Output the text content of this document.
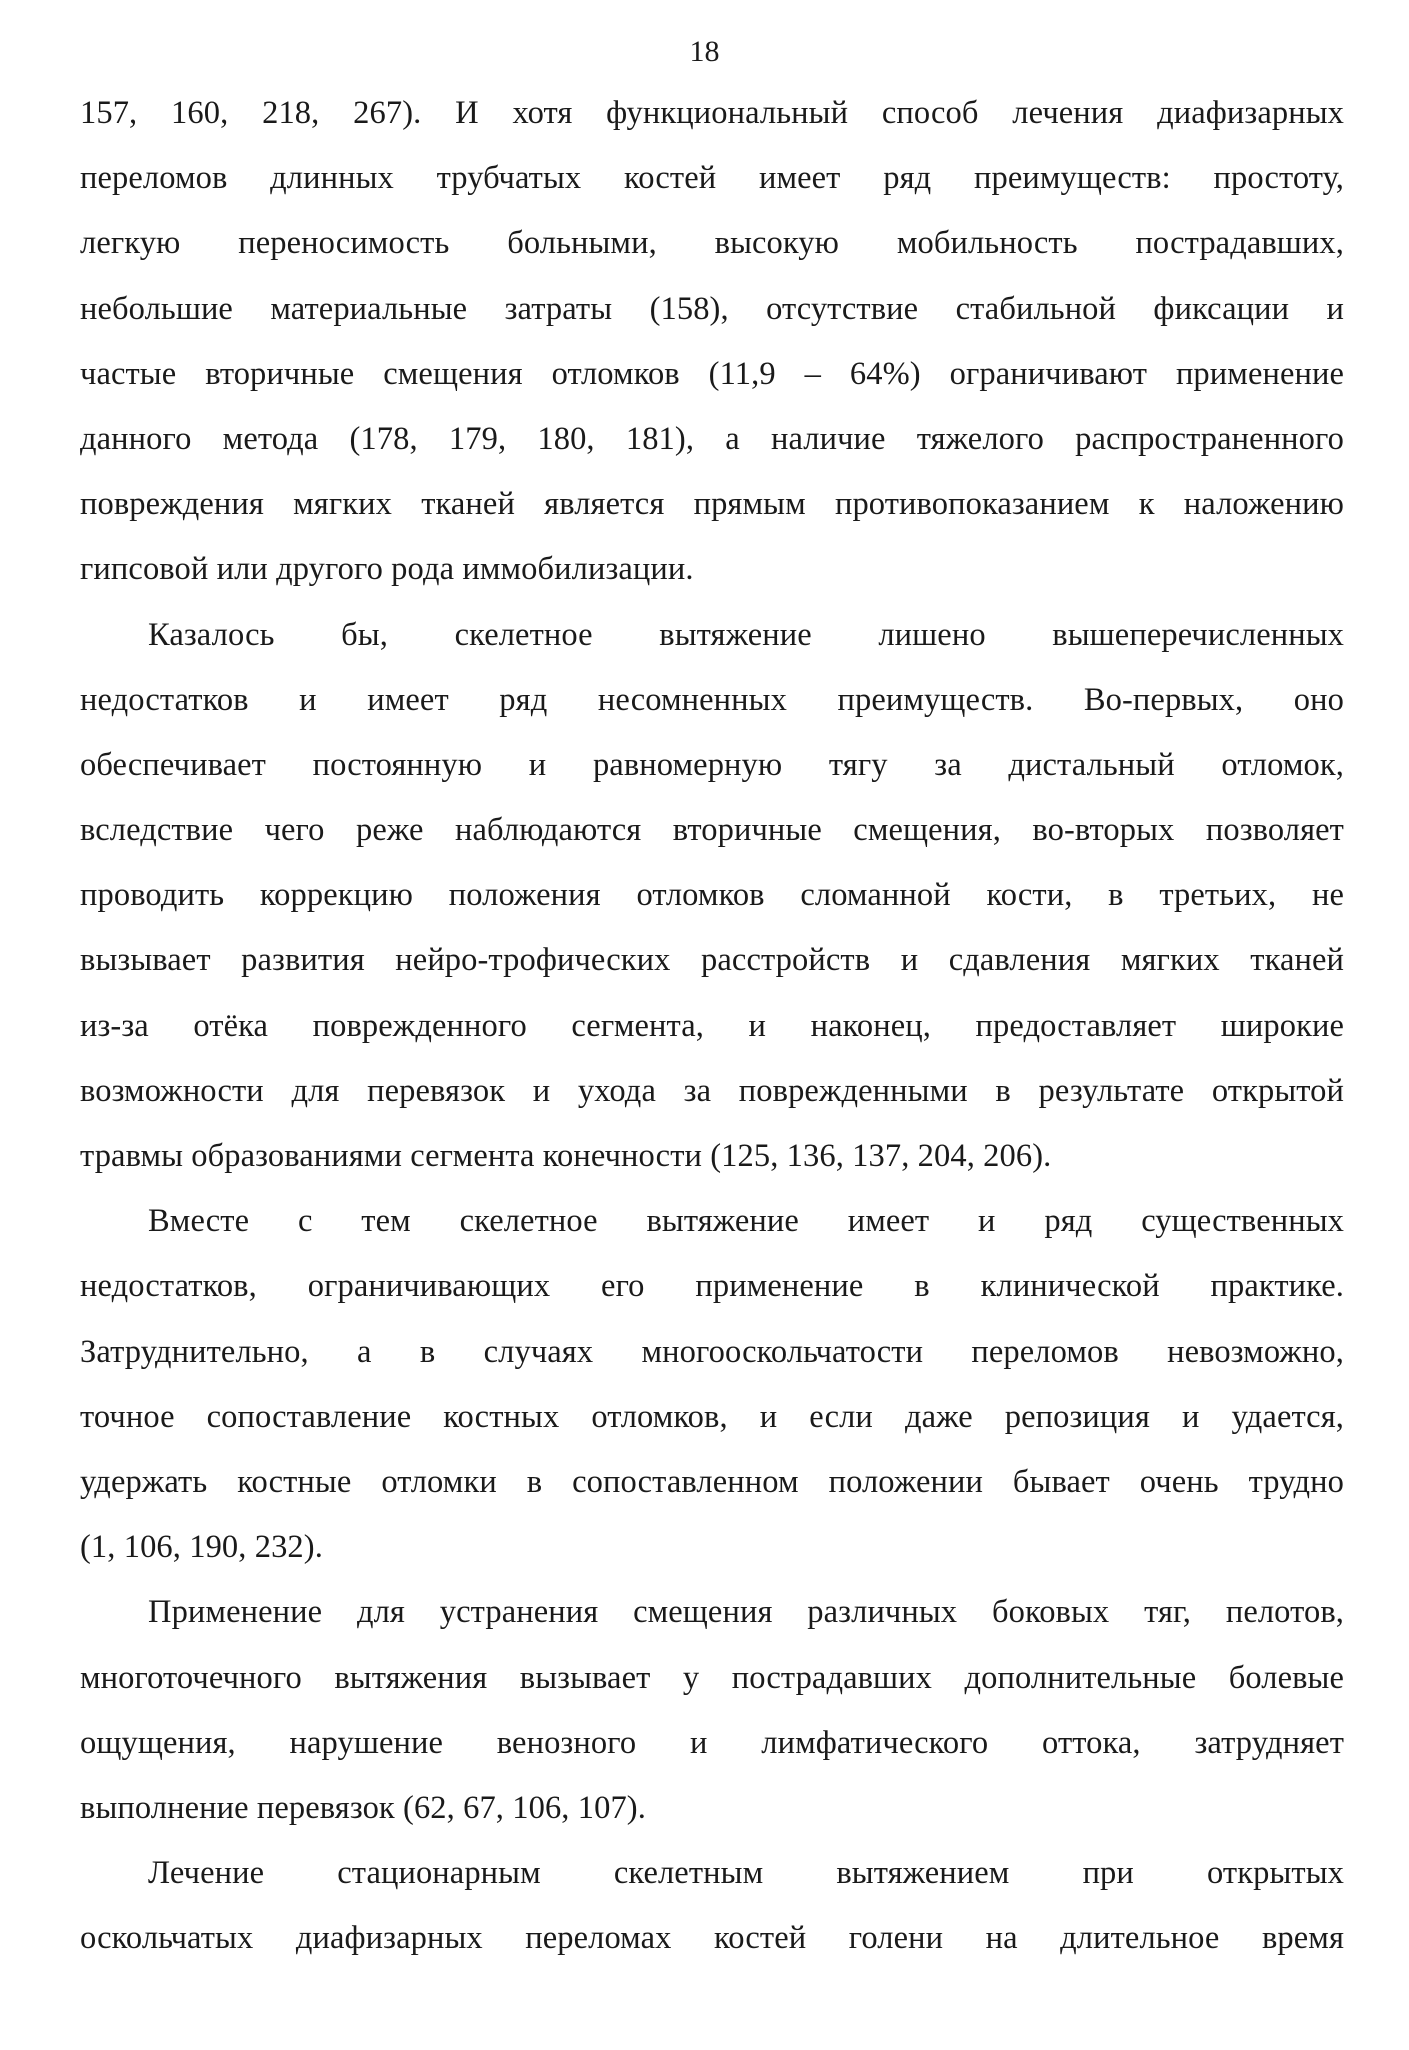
18
157, 160, 218, 267). И хотя функциональный способ лечения диафизарных
переломов длинных трубчатых костей имеет ряд преимуществ: простоту,
легкую переносимость больными, высокую мобильность пострадавших,
небольшие материальные затраты (158), отсутствие стабильной фиксации и
частые вторичные смещения отломков (11,9 – 64%) ограничивают применение
данного метода (178, 179, 180, 181), а наличие тяжелого распространенного
повреждения мягких тканей является прямым противопоказанием к наложению
гипсовой или другого рода иммобилизации.
Казалось бы, скелетное вытяжение лишено вышеперечисленных
недостатков и имеет ряд несомненных преимуществ. Во-первых, оно
обеспечивает постоянную и равномерную тягу за дистальный отломок,
вследствие чего реже наблюдаются вторичные смещения, во-вторых позволяет
проводить коррекцию положения отломков сломанной кости, в третьих, не
вызывает развития нейро-трофических расстройств и сдавления мягких тканей
из-за отёка поврежденного сегмента, и наконец, предоставляет широкие
возможности для перевязок и ухода за поврежденными в результате открытой
травмы образованиями сегмента конечности (125, 136, 137, 204, 206).
Вместе с тем скелетное вытяжение имеет и ряд существенных
недостатков, ограничивающих его применение в клинической практике.
Затруднительно, а в случаях многооскольчатости переломов невозможно,
точное сопоставление костных отломков, и если даже репозиция и удается,
удержать костные отломки в сопоставленном положении бывает очень трудно
(1, 106, 190, 232).
Применение для устранения смещения различных боковых тяг, пелотов,
многоточечного вытяжения вызывает у пострадавших дополнительные болевые
ощущения, нарушение венозного и лимфатического оттока, затрудняет
выполнение перевязок (62, 67, 106, 107).
Лечение стационарным скелетным вытяжением при открытых
оскольчатых диафизарных переломах костей голени на длительное время
